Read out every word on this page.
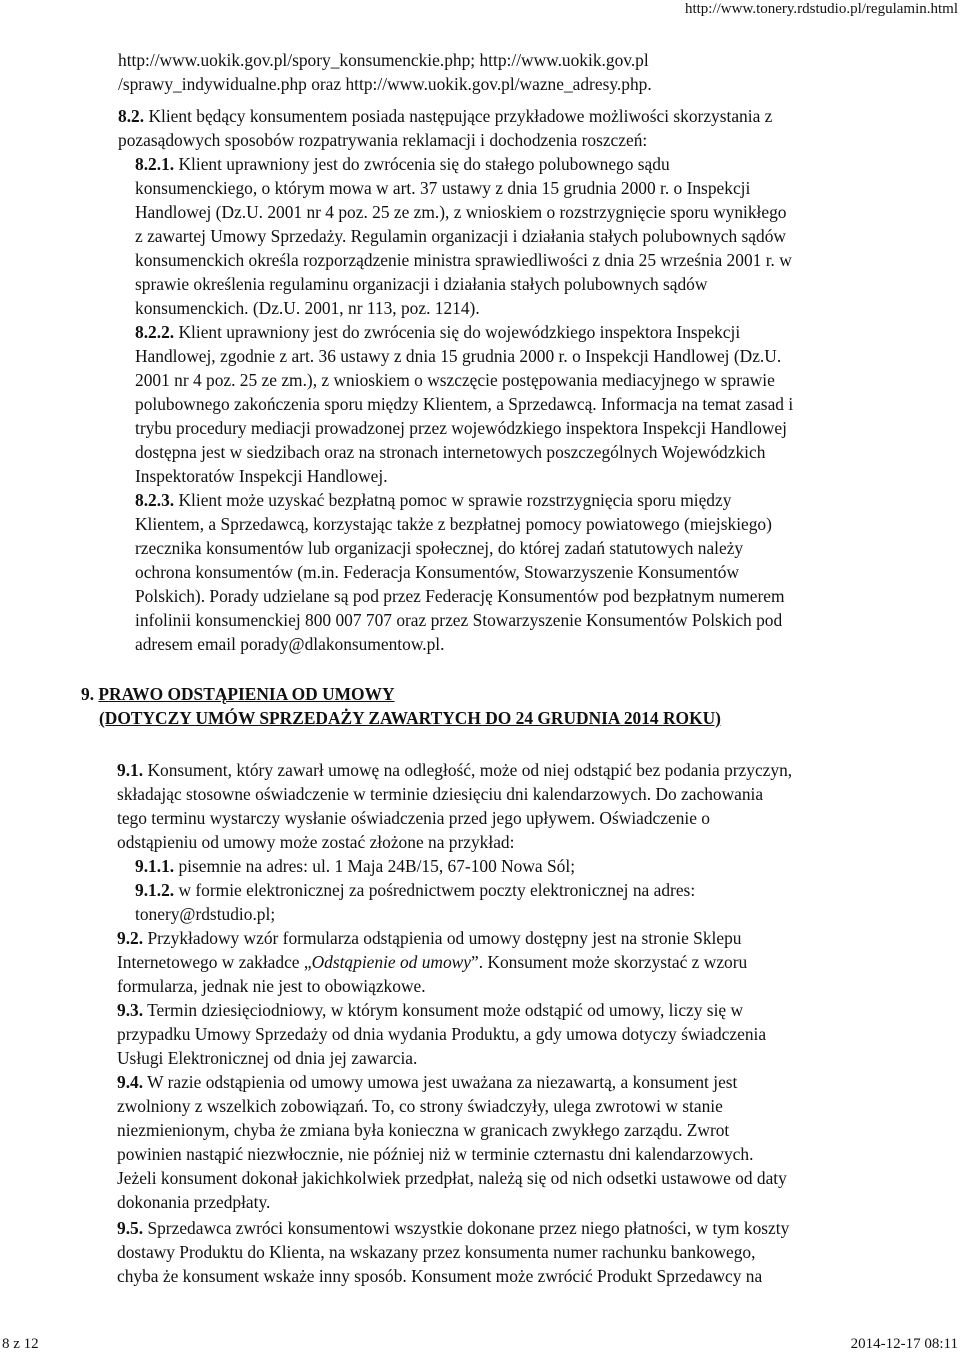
http://www.tonery.rdstudio.pl/regulamin.html
http://www.uokik.gov.pl/spory_konsumenckie.php; http://www.uokik.gov.pl
/sprawy_indywidualne.php oraz http://www.uokik.gov.pl/wazne_adresy.php.
8.2. Klient będący konsumentem posiada następujące przykładowe możliwości skorzystania z
pozasądowych sposobów rozpatrywania reklamacji i dochodzenia roszczeń:
8.2.1. Klient uprawniony jest do zwrócenia się do stałego polubownego sądu
konsumenckiego, o którym mowa w art. 37 ustawy z dnia 15 grudnia 2000 r. o Inspekcji
Handlowej (Dz.U. 2001 nr 4 poz. 25 ze zm.), z wnioskiem o rozstrzygnięcie sporu wynikłego
z zawartej Umowy Sprzedaży. Regulamin organizacji i działania stałych polubownych sądów
konsumenckich określa rozporządzenie ministra sprawiedliwości z dnia 25 września 2001 r. w
sprawie określenia regulaminu organizacji i działania stałych polubownych sądów
konsumenckich. (Dz.U. 2001, nr 113, poz. 1214).
8.2.2. Klient uprawniony jest do zwrócenia się do wojewódzkiego inspektora Inspekcji
Handlowej, zgodnie z art. 36 ustawy z dnia 15 grudnia 2000 r. o Inspekcji Handlowej (Dz.U.
2001 nr 4 poz. 25 ze zm.), z wnioskiem o wszczęcie postępowania mediacyjnego w sprawie
polubownego zakończenia sporu między Klientem, a Sprzedawcą. Informacja na temat zasad i
trybu procedury mediacji prowadzonej przez wojewódzkiego inspektora Inspekcji Handlowej
dostępna jest w siedzibach oraz na stronach internetowych poszczególnych Wojewódzkich
Inspektoratów Inspekcji Handlowej.
8.2.3. Klient może uzyskać bezpłatną pomoc w sprawie rozstrzygnięcia sporu między
Klientem, a Sprzedawcą, korzystając także z bezpłatnej pomocy powiatowego (miejskiego)
rzecznika konsumentów lub organizacji społecznej, do której zadań statutowych należy
ochrona konsumentów (m.in. Federacja Konsumentów, Stowarzyszenie Konsumentów
Polskich). Porady udzielane są pod przez Federację Konsumentów pod bezpłatnym numerem
infolinii konsumenckiej 800 007 707 oraz przez Stowarzyszenie Konsumentów Polskich pod
adresem email porady@dlakonsumentow.pl.
9. PRAWO ODSTĄPIENIA OD UMOWY
(DOTYCZY UMÓW SPRZEDAŻY ZAWARTYCH DO 24 GRUDNIA 2014 ROKU)
9.1. Konsument, który zawarł umowę na odległość, może od niej odstąpić bez podania przyczyn,
składając stosowne oświadczenie w terminie dziesięciu dni kalendarzowych. Do zachowania
tego terminu wystarczy wysłanie oświadczenia przed jego upływem. Oświadczenie o
odstąpieniu od umowy może zostać złożone na przykład:
9.1.1. pisemnie na adres: ul. 1 Maja 24B/15, 67-100 Nowa Sól;
9.1.2. w formie elektronicznej za pośrednictwem poczty elektronicznej na adres:
tonery@rdstudio.pl;
9.2. Przykładowy wzór formularza odstąpienia od umowy dostępny jest na stronie Sklepu
Internetowego w zakładce „Odstąpienie od umowy”. Konsument może skorzystać z wzoru
formularza, jednak nie jest to obowiązkowe.
9.3. Termin dziesięciodniowy, w którym konsument może odstąpić od umowy, liczy się w
przypadku Umowy Sprzedaży od dnia wydania Produktu, a gdy umowa dotyczy świadczenia
Usługi Elektronicznej od dnia jej zawarcia.
9.4. W razie odstąpienia od umowy umowa jest uważana za niezawartą, a konsument jest
zwolniony z wszelkich zobowiązań. To, co strony świadczyły, ulega zwrotowi w stanie
niezmienionym, chyba że zmiana była konieczna w granicach zwykłego zarządu. Zwrot
powinien nastąpić niezwłocznie, nie później niż w terminie czternastu dni kalendarzowych.
Jeżeli konsument dokonał jakichkolwiek przedpłat, należą się od nich odsetki ustawowe od daty
dokonania przedpłaty.
9.5. Sprzedawca zwróci konsumentowi wszystkie dokonane przez niego płatności, w tym koszty
dostawy Produktu do Klienta, na wskazany przez konsumenta numer rachunku bankowego,
chyba że konsument wskaże inny sposób. Konsument może zwrócić Produkt Sprzedawcy na
8 z 12	2014-12-17 08:11
